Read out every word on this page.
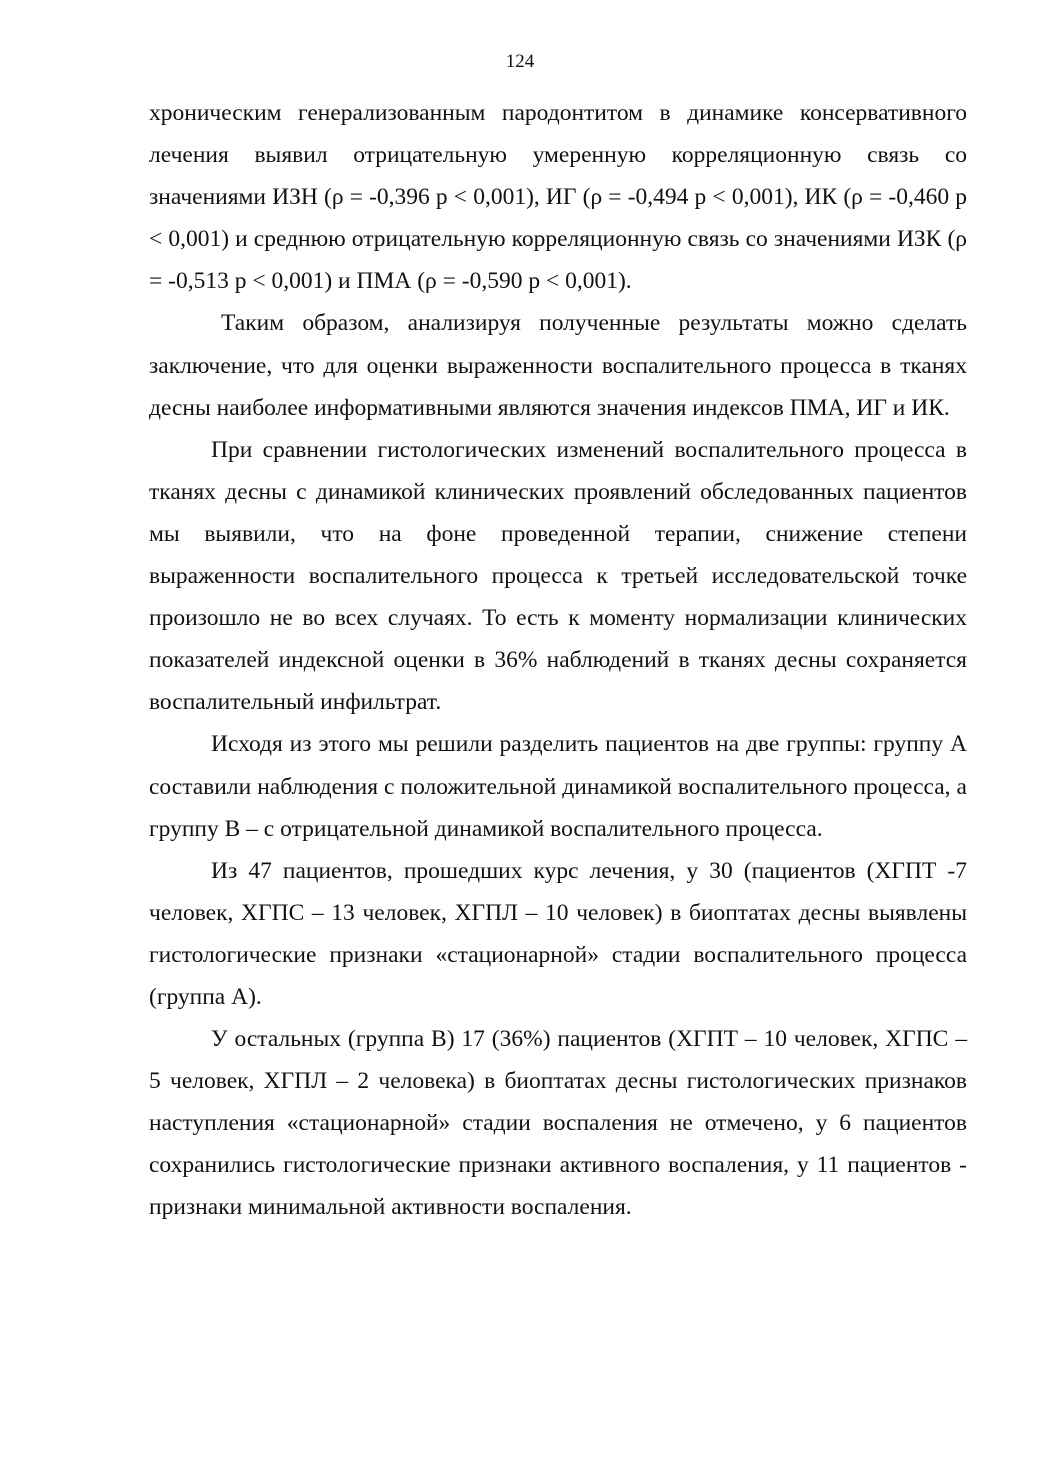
124

хроническим генерализованным пародонтитом в динамике консервативного лечения выявил отрицательную умеренную корреляционную связь со значениями ИЗН (ρ = -0,396 p < 0,001), ИГ (ρ = -0,494 p < 0,001), ИК (ρ = -0,460 p < 0,001) и среднюю отрицательную корреляционную связь со значениями ИЗК (ρ = -0,513 p < 0,001) и ПМА (ρ = -0,590 p < 0,001).

Таким образом, анализируя полученные результаты можно сделать заключение, что для оценки выраженности воспалительного процесса в тканях десны наиболее информативными являются значения индексов ПМА, ИГ и ИК.

При сравнении гистологических изменений воспалительного процесса в тканях десны с динамикой клинических проявлений обследованных пациентов мы выявили, что на фоне проведенной терапии, снижение степени выраженности воспалительного процесса к третьей исследовательской точке произошло не во всех случаях. То есть к моменту нормализации клинических показателей индексной оценки в 36% наблюдений в тканях десны сохраняется воспалительный инфильтрат.

Исходя из этого мы решили разделить пациентов на две группы: группу А составили наблюдения с положительной динамикой воспалительного процесса, а группу В – с отрицательной динамикой воспалительного процесса.

Из 47 пациентов, прошедших курс лечения, у 30 (пациентов (ХГПТ -7 человек, ХГПС – 13 человек, ХГПЛ – 10 человек) в биоптатах десны выявлены гистологические признаки «стационарной» стадии воспалительного процесса (группа А).

У остальных (группа В) 17 (36%) пациентов (ХГПТ – 10 человек, ХГПС – 5 человек, ХГПЛ – 2 человека) в биоптатах десны гистологических признаков наступления «стационарной» стадии воспаления не отмечено, у 6 пациентов сохранились гистологические признаки активного воспаления, у 11 пациентов - признаки минимальной активности воспаления.
